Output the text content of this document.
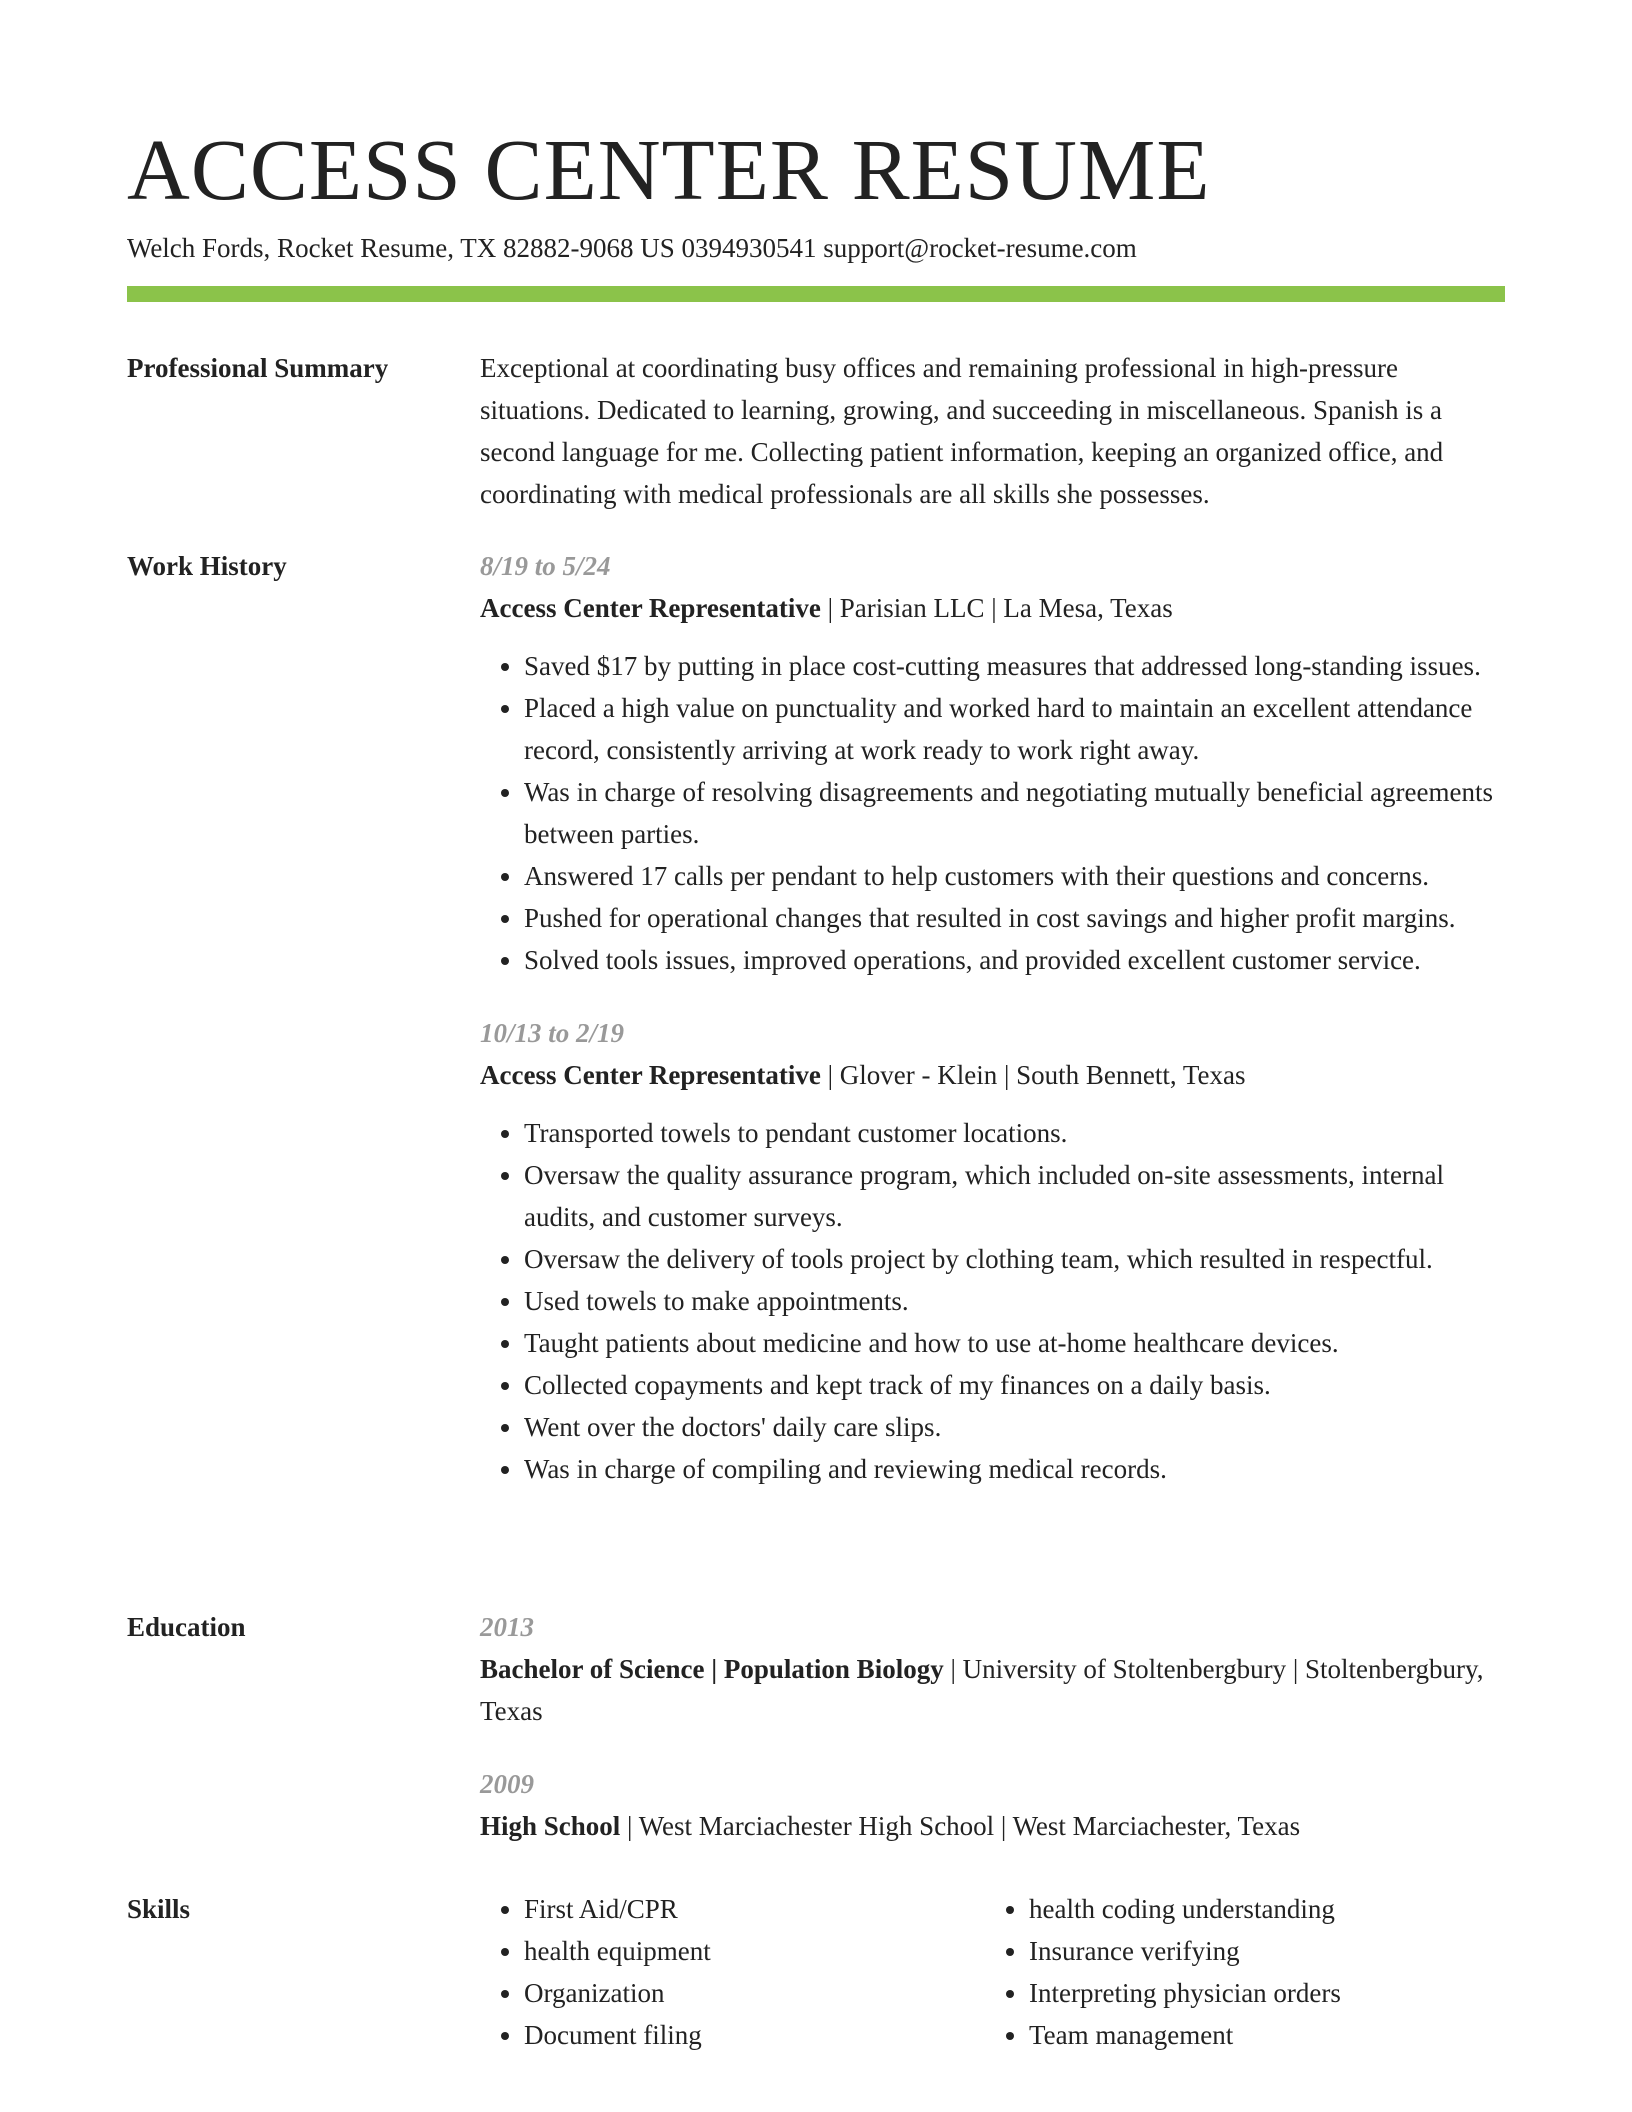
ACCESS CENTER RESUME
Welch Fords, Rocket Resume, TX 82882-9068 US 0394930541 support@rocket-resume.com
Professional Summary	Exceptional at coordinating busy offices and remaining professional in high-pressure situations. Dedicated to learning, growing, and succeeding in miscellaneous. Spanish is a second language for me. Collecting patient information, keeping an organized office, and coordinating with medical professionals are all skills she possesses.
Work History	8/19 to 5/24
Access Center Representative | Parisian LLC | La Mesa, Texas
• Saved $17 by putting in place cost-cutting measures that addressed long-standing issues.
• Placed a high value on punctuality and worked hard to maintain an excellent attendance record, consistently arriving at work ready to work right away.
• Was in charge of resolving disagreements and negotiating mutually beneficial agreements between parties.
• Answered 17 calls per pendant to help customers with their questions and concerns.
• Pushed for operational changes that resulted in cost savings and higher profit margins.
• Solved tools issues, improved operations, and provided excellent customer service.
10/13 to 2/19
Access Center Representative | Glover - Klein | South Bennett, Texas
• Transported towels to pendant customer locations.
• Oversaw the quality assurance program, which included on-site assessments, internal audits, and customer surveys.
• Oversaw the delivery of tools project by clothing team, which resulted in respectful.
• Used towels to make appointments.
• Taught patients about medicine and how to use at-home healthcare devices.
• Collected copayments and kept track of my finances on a daily basis.
• Went over the doctors' daily care slips.
• Was in charge of compiling and reviewing medical records.
Education	2013
Bachelor of Science | Population Biology | University of Stoltenbergbury | Stoltenbergbury, Texas
2009
High School | West Marciachester High School | West Marciachester, Texas
Skills
•	First Aid/CPR
• health equipment
• Organization
• Document filing
• health coding understanding
• Insurance verifying
• Interpreting physician orders
• Team management
